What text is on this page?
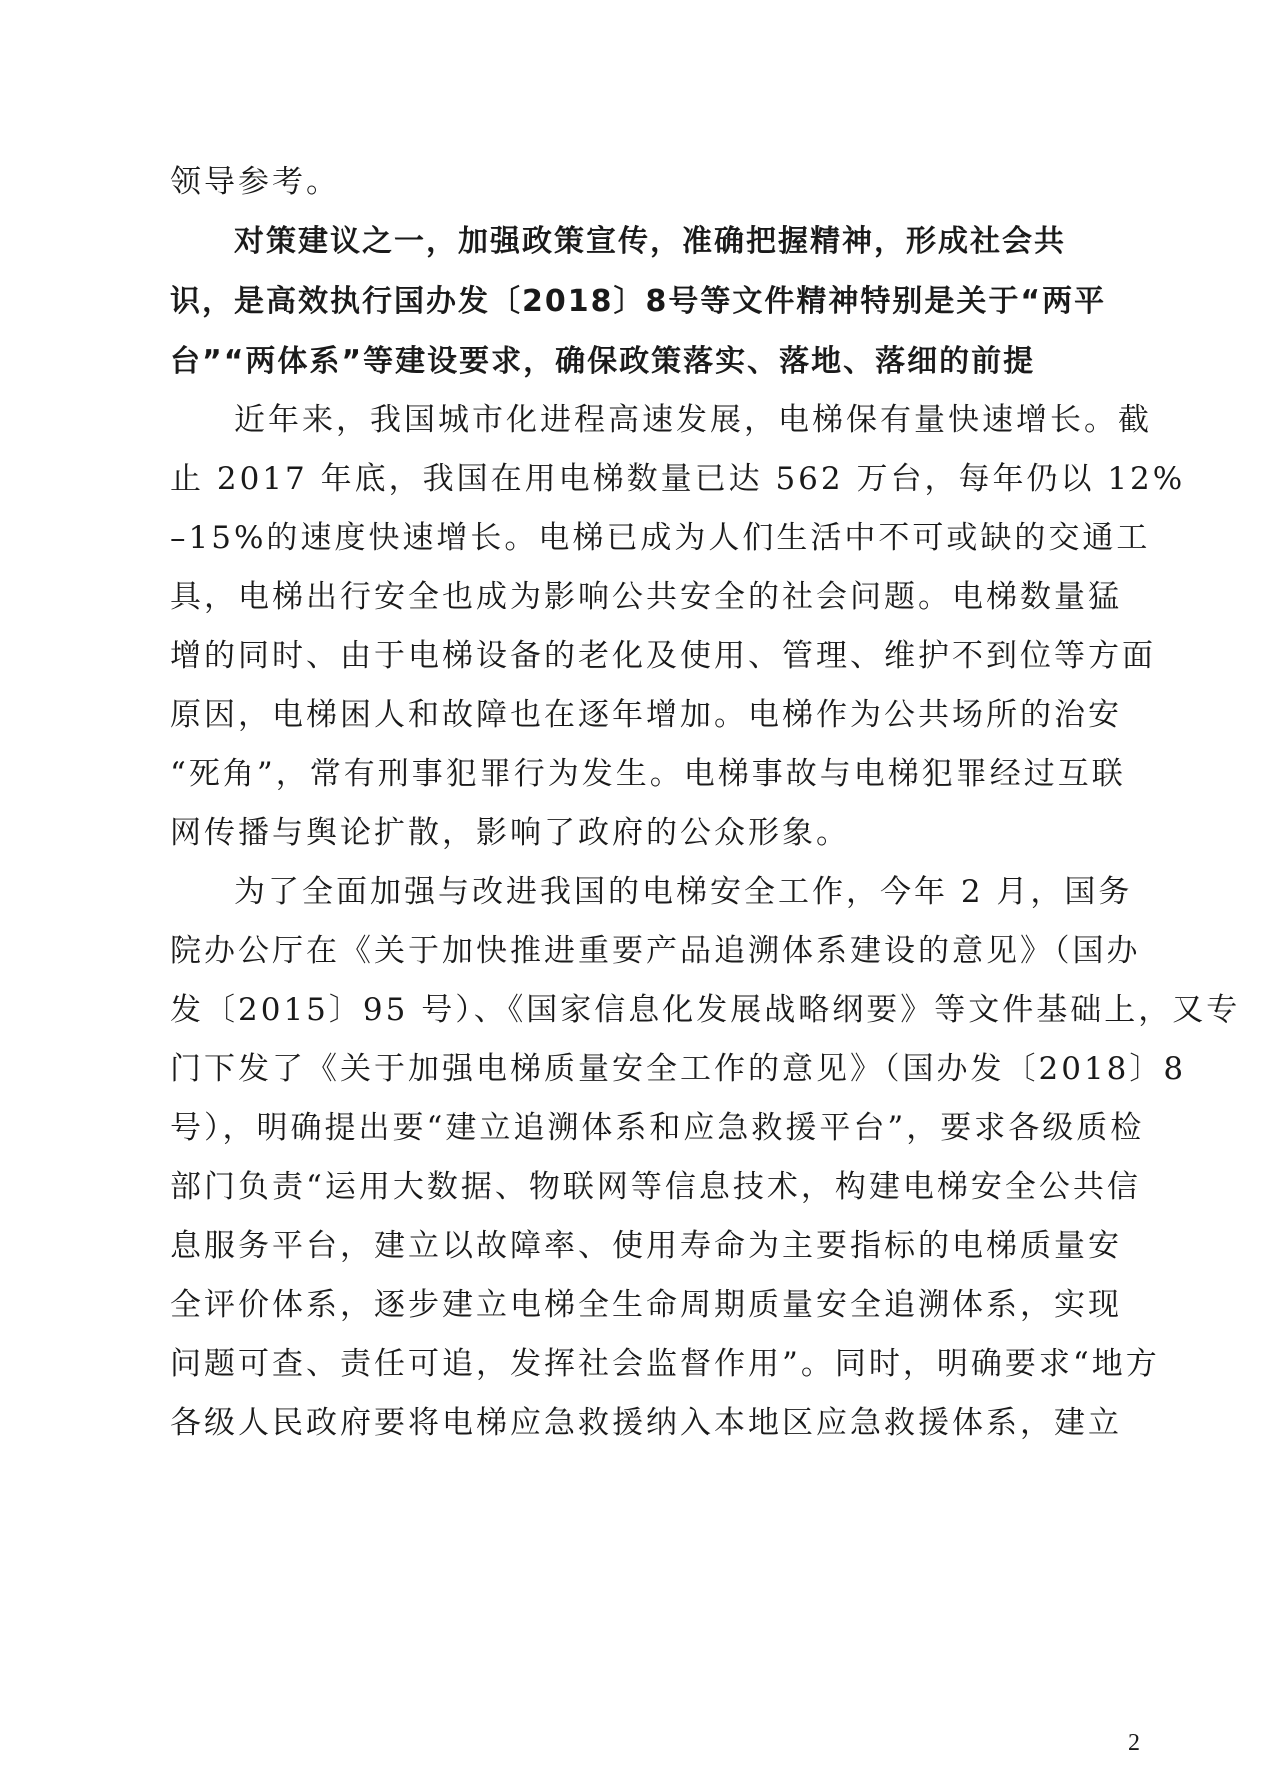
领导参考。
对策建议之一，加强政策宣传，准确把握精神，形成社会共
识，是高效执行国办发〔2018〕8号等文件精神特别是关于“两平
台”“两体系”等建设要求，确保政策落实、落地、落细的前提
近年来，我国城市化进程高速发展，电梯保有量快速增长。截
止 2017 年底，我国在用电梯数量已达 562 万台，每年仍以 12%
–15%的速度快速增长。电梯已成为人们生活中不可或缺的交通工
具，电梯出行安全也成为影响公共安全的社会问题。电梯数量猛
增的同时、由于电梯设备的老化及使用、管理、维护不到位等方面
原因，电梯困人和故障也在逐年增加。电梯作为公共场所的治安
“死角”，常有刑事犯罪行为发生。电梯事故与电梯犯罪经过互联
网传播与舆论扩散，影响了政府的公众形象。
为了全面加强与改进我国的电梯安全工作，今年 2 月，国务
院办公厅在《关于加快推进重要产品追溯体系建设的意见》（国办
发〔2015〕95 号）、《国家信息化发展战略纲要》等文件基础上，又专
门下发了《关于加强电梯质量安全工作的意见》（国办发〔2018〕8
号），明确提出要“建立追溯体系和应急救援平台”，要求各级质检
部门负责“运用大数据、物联网等信息技术，构建电梯安全公共信
息服务平台，建立以故障率、使用寿命为主要指标的电梯质量安
全评价体系，逐步建立电梯全生命周期质量安全追溯体系，实现
问题可查、责任可追，发挥社会监督作用”。同时，明确要求“地方
各级人民政府要将电梯应急救援纳入本地区应急救援体系，建立
2
